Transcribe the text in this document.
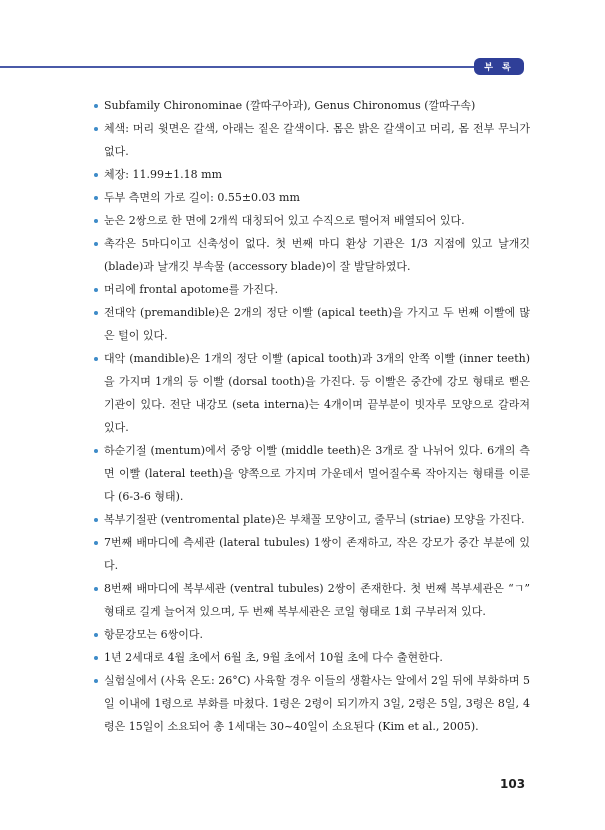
부 록

Subfamily Chironominae (깔따구아과), Genus Chironomus (깔따구속)

체색: 머리 윗면은 갈색, 아래는 짙은 갈색이다. 몸은 밝은 갈색이고 머리, 몸 전부 무늬가 없다.

체장: 11.99±1.18 mm

두부 측면의 가로 길이: 0.55±0.03 mm

눈은 2쌍으로 한 면에 2개씩 대칭되어 있고 수직으로 떨어져 배열되어 있다.

촉각은 5마디이고 신축성이 없다. 첫 번째 마디 환상 기관은 1/3 지점에 있고 날개깃 (blade)과 날개깃 부속물 (accessory blade)이 잘 발달하였다.

머리에 frontal apotome를 가진다.

전대악 (premandible)은 2개의 정단 이빨 (apical teeth)을 가지고 두 번째 이빨에 많은 털이 있다.

대악 (mandible)은 1개의 정단 이빨 (apical tooth)과 3개의 안쪽 이빨 (inner teeth)을 가지며 1개의 등 이빨 (dorsal tooth)을 가진다. 등 이빨은 중간에 강모 형태로 뻗은 기관이 있다. 전단 내강모 (seta interna)는 4개이며 끝부분이 빗자루 모양으로 갈라져 있다.

하순기절 (mentum)에서 중앙 이빨 (middle teeth)은 3개로 잘 나뉘어 있다. 6개의 측면 이빨 (lateral teeth)을 양쪽으로 가지며 가운데서 멀어질수록 작아지는 형태를 이룬다 (6-3-6 형태).

복부기절판 (ventromental plate)은 부채꼴 모양이고, 줄무늬 (striae) 모양을 가진다.

7번째 배마디에 측세관 (lateral tubules) 1쌍이 존재하고, 작은 강모가 중간 부분에 있다.

8번째 배마디에 복부세관 (ventral tubules) 2쌍이 존재한다. 첫 번째 복부세관은 “ㄱ” 형태로 길게 늘어져 있으며, 두 번째 복부세관은 코일 형태로 1회 구부러져 있다.

항문강모는 6쌍이다.

1년 2세대로 4월 초에서 6월 초, 9월 초에서 10월 초에 다수 출현한다.

실험실에서 (사육 온도: 26°C) 사육할 경우 이들의 생활사는 알에서 2일 뒤에 부화하며 5일 이내에 1령으로 부화를 마쳤다. 1령은 2령이 되기까지 3일, 2령은 5일, 3령은 8일, 4령은 15일이 소요되어 총 1세대는 30~40일이 소요된다 (Kim et al., 2005).

103
